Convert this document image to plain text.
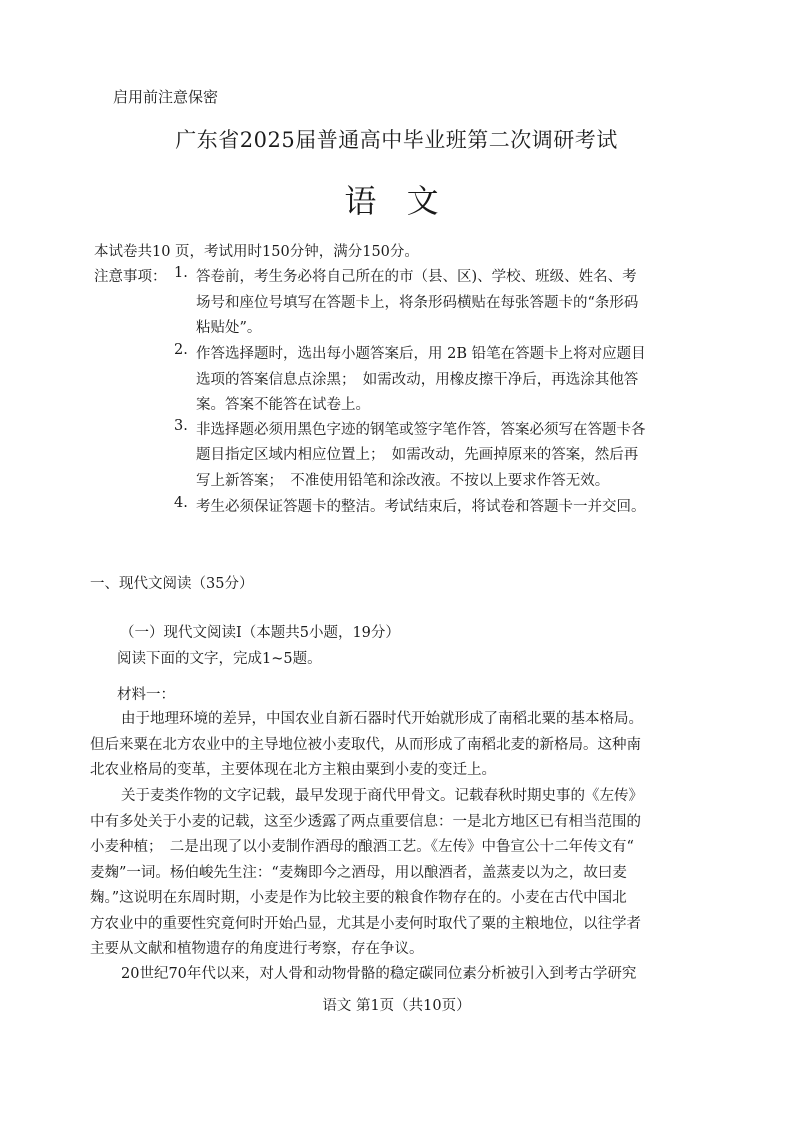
启用前注意保密
广东省2025届普通高中毕业班第二次调研考试
语 文
本试卷共10 页，考试用时150分钟，满分150分。
注意事项： 1. 答卷前，考生务必将自己所在的市（县、区)、学校、班级、姓名、考
场号和座位号填写在答题卡上，将条形码横贴在每张答题卡的“条形码
粘贴处”。
2. 作答选择题时，选出每小题答案后，用 2B 铅笔在答题卡上将对应题目
选项的答案信息点涂黑；　如需改动，用橡皮擦干净后，再选涂其他答
案。答案不能答在试卷上。
3. 非选择题必须用黑色字迹的钢笔或签字笔作答，答案必须写在答题卡各
题目指定区域内相应位置上；　如需改动，先画掉原来的答案，然后再
写上新答案；　不准使用铅笔和涂改液。不按以上要求作答无效。
4. 考生必须保证答题卡的整洁。考试结束后，将试卷和答题卡一并交回。
一、现代文阅读（35分）
（一）现代文阅读Ⅰ（本题共5小题，19分）
阅读下面的文字，完成1~5题。
材料一：
由于地理环境的差异，中国农业自新石器时代开始就形成了南稻北粟的基本格局。
但后来粟在北方农业中的主导地位被小麦取代，从而形成了南稻北麦的新格局。这种南
北农业格局的变革，主要体现在北方主粮由粟到小麦的变迁上。
关于麦类作物的文字记载，最早发现于商代甲骨文。记载春秋时期史事的《左传》
中有多处关于小麦的记载，这至少透露了两点重要信息：一是北方地区已有相当范围的
小麦种植；　二是出现了以小麦制作酒母的酿酒工艺。《左传》中鲁宣公十二年传文有“
麦麹”一词。杨伯峻先生注：“麦麹即今之酒母，用以酿酒者，盖蒸麦以为之，故曰麦
麹。”这说明在东周时期，小麦是作为比较主要的粮食作物存在的。小麦在古代中国北
方农业中的重要性究竟何时开始凸显，尤其是小麦何时取代了粟的主粮地位，以往学者
主要从文献和植物遗存的角度进行考察，存在争议。
20世纪70年代以来，对人骨和动物骨骼的稳定碳同位素分析被引入到考古学研究
语文 第1页（共10页）
